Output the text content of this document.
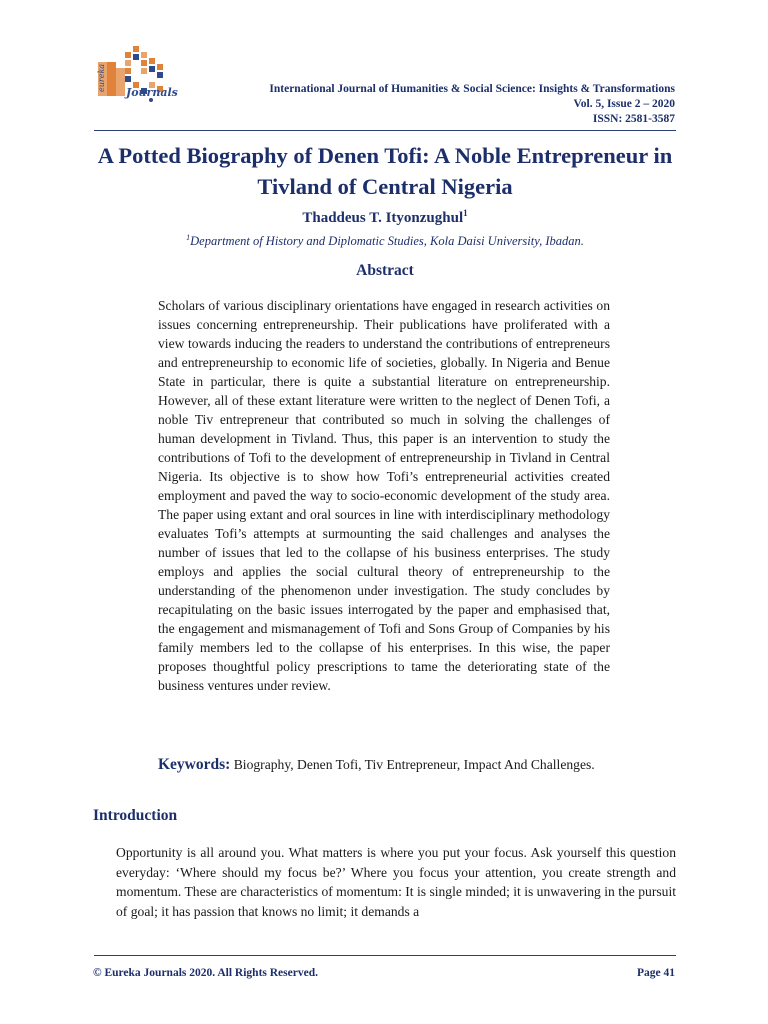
eureka
Journals	International Journal of Humanities & Social Science: Insights & Transformations
Vol. 5, Issue 2 – 2020
ISSN: 2581-3587
A Potted Biography of Denen Tofi: A Noble Entrepreneur in Tivland of Central Nigeria
Thaddeus T. Ityonzughul$^1$
$^1$Department of History and Diplomatic Studies, Kola Daisi University, Ibadan.
Abstract

Scholars of various disciplinary orientations have engaged in research activities on issues concerning entrepreneurship. Their publications have proliferated with a view towards inducing the readers to understand the contributions of entrepreneurs and entrepreneurship to economic life of societies, globally. In Nigeria and Benue State in particular, there is quite a substantial literature on entrepreneurship. However, all of these extant literature were written to the neglect of Denen Tofi, a noble Tiv entrepreneur that contributed so much in solving the challenges of human development in Tivland. Thus, this paper is an intervention to study the contributions of Tofi to the development of entrepreneurship in Tivland in Central Nigeria. Its objective is to show how Tofi’s entrepreneurial activities created employment and paved the way to socio-economic development of the study area. The paper using extant and oral sources in line with interdisciplinary methodology evaluates Tofi’s attempts at surmounting the said challenges and analyses the number of issues that led to the collapse of his business enterprises. The study employs and applies the social cultural theory of entrepreneurship to the understanding of the phenomenon under investigation. The study concludes by recapitulating on the basic issues interrogated by the paper and emphasised that, the engagement and mismanagement of Tofi and Sons Group of Companies by his family members led to the collapse of his enterprises. In this wise, the paper proposes thoughtful policy prescriptions to tame the deteriorating state of the business ventures under review.

Keywords: Biography, Denen Tofi, Tiv Entrepreneur, Impact And Challenges.

Introduction

Opportunity is all around you. What matters is where you put your focus. Ask yourself this question everyday: ‘Where should my focus be?’ Where you focus your attention, you create strength and momentum. These are characteristics of momentum: It is single minded; it is unwavering in the pursuit of goal; it has passion that knows no limit; it demands a

© Eureka Journals 2020. All Rights Reserved.	Page 41
